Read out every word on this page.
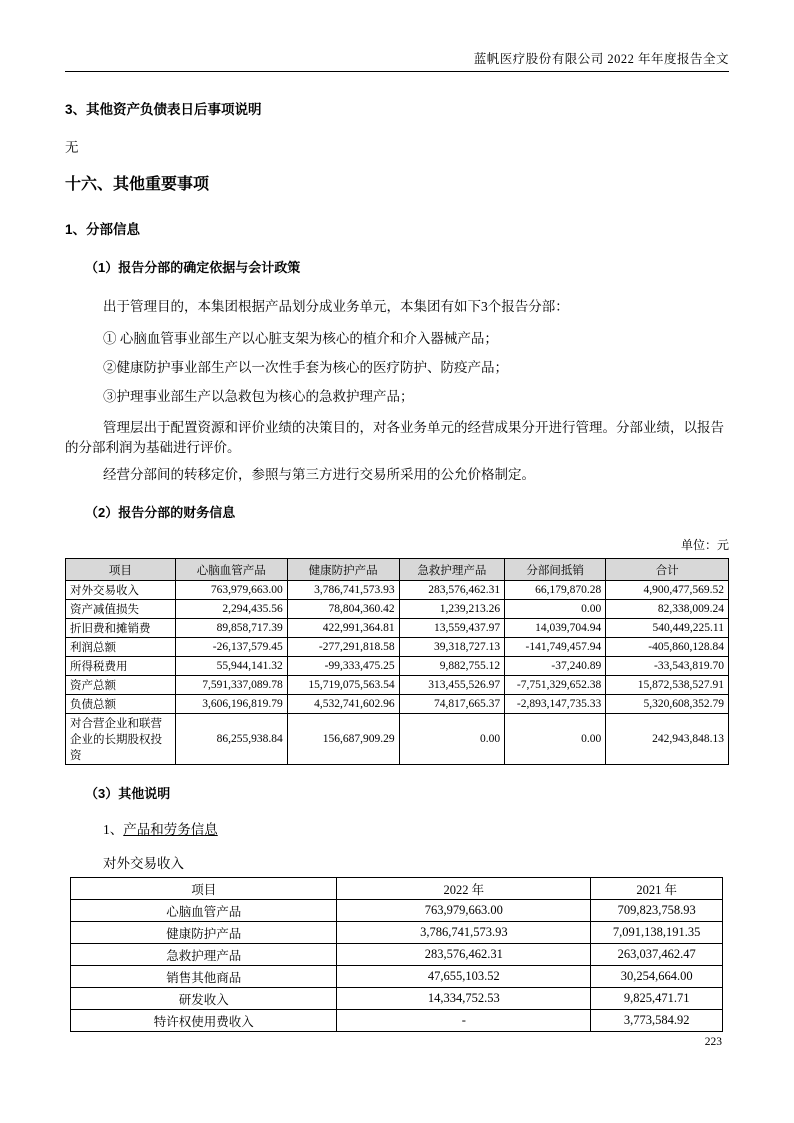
蓝帆医疗股份有限公司 2022 年年度报告全文
3、其他资产负债表日后事项说明
无
十六、其他重要事项
1、分部信息
（1）报告分部的确定依据与会计政策
出于管理目的，本集团根据产品划分成业务单元，本集团有如下3个报告分部：
① 心脑血管事业部生产以心脏支架为核心的植介和介入器械产品；
②健康防护事业部生产以一次性手套为核心的医疗防护、防疫产品；
③护理事业部生产以急救包为核心的急救护理产品；
管理层出于配置资源和评价业绩的决策目的，对各业务单元的经营成果分开进行管理。分部业绩，以报告的分部利润为基础进行评价。
经营分部间的转移定价，参照与第三方进行交易所采用的公允价格制定。
（2）报告分部的财务信息
单位：元
项目	心脑血管产品	健康防护产品	急救护理产品	分部间抵销	合计
对外交易收入	763,979,663.00	3,786,741,573.93	283,576,462.31	66,179,870.28	4,900,477,569.52
资产减值损失	2,294,435.56	78,804,360.42	1,239,213.26	0.00	82,338,009.24
折旧费和摊销费	89,858,717.39	422,991,364.81	13,559,437.97	14,039,704.94	540,449,225.11
利润总额	-26,137,579.45	-277,291,818.58	39,318,727.13	-141,749,457.94	-405,860,128.84
所得税费用	55,944,141.32	-99,333,475.25	9,882,755.12	-37,240.89	-33,543,819.70
资产总额	7,591,337,089.78	15,719,075,563.54	313,455,526.97	-7,751,329,652.38	15,872,538,527.91
负债总额	3,606,196,819.79	4,532,741,602.96	74,817,665.37	-2,893,147,735.33	5,320,608,352.79
对合营企业和联营企业的长期股权投资	86,255,938.84	156,687,909.29	0.00	0.00	242,943,848.13
（3）其他说明
1、产品和劳务信息
对外交易收入
项目	2022 年	2021 年
心脑血管产品	763,979,663.00	709,823,758.93
健康防护产品	3,786,741,573.93	7,091,138,191.35
急救护理产品	283,576,462.31	263,037,462.47
销售其他商品	47,655,103.52	30,254,664.00
研发收入	14,334,752.53	9,825,471.71
特许权使用费收入	-	3,773,584.92
223
